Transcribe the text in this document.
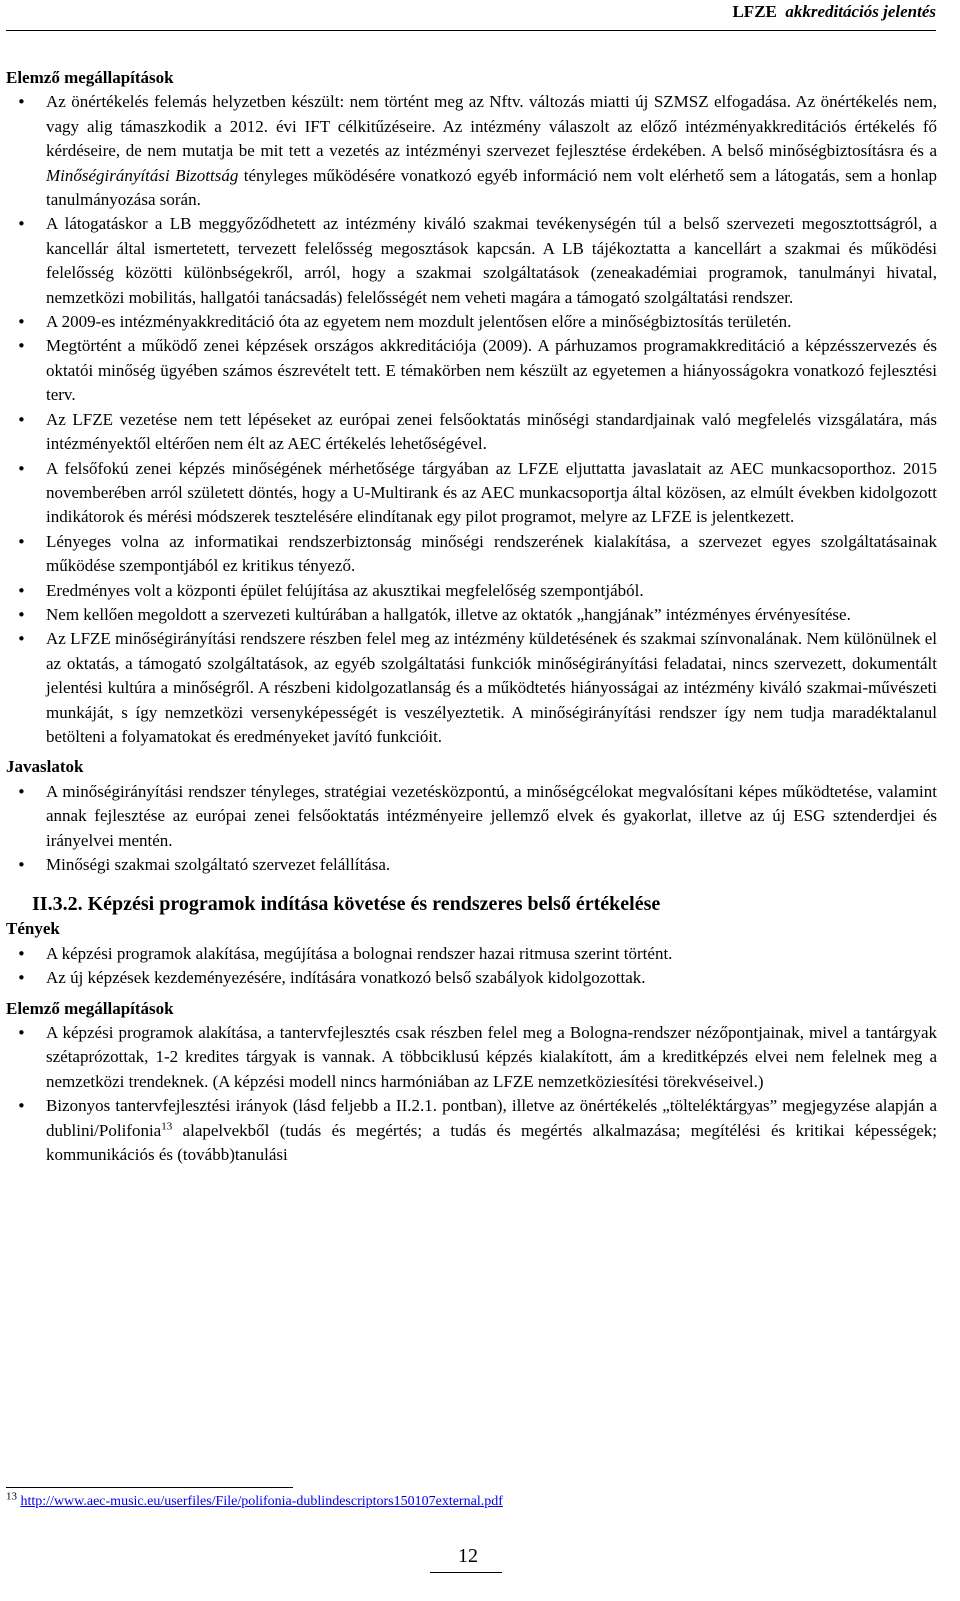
LFZE akkreditációs jelentés

Elemző megállapítások

• Az önértékelés felemás helyzetben készült: nem történt meg az Nftv. változás miatti új SZMSZ elfogadása. Az önértékelés nem, vagy alig támaszkodik a 2012. évi IFT célkitűzéseire. Az intézmény válaszolt az előző intézményakkreditációs értékelés fő kérdéseire, de nem mutatja be mit tett a vezetés az intézményi szervezet fejlesztése érdekében. A belső minőségbiztosításra és a Minőségirányítási Bizottság tényleges működésére vonatkozó egyéb információ nem volt elérhető sem a látogatás, sem a honlap tanulmányozása során.
• A látogatáskor a LB meggyőződhetett az intézmény kiváló szakmai tevékenységén túl a belső szervezeti megosztottságról, a kancellár által ismertetett, tervezett felelősség megosztások kapcsán. A LB tájékoztatta a kancellárt a szakmai és működési felelősség közötti különbségekről, arról, hogy a szakmai szolgáltatások (zeneakadémiai programok, tanulmányi hivatal, nemzetközi mobilitás, hallgatói tanácsadás) felelősségét nem veheti magára a támogató szolgáltatási rendszer.
• A 2009-es intézményakkreditáció óta az egyetem nem mozdult jelentősen előre a minőségbiztosítás területén.
• Megtörtént a működő zenei képzések országos akkreditációja (2009). A párhuzamos programakkreditáció a képzésszervezés és oktatói minőség ügyében számos észrevételt tett. E témakörben nem készült az egyetemen a hiányosságokra vonatkozó fejlesztési terv.
• Az LFZE vezetése nem tett lépéseket az európai zenei felsőoktatás minőségi standardjainak való megfelelés vizsgálatára, más intézményektől eltérően nem élt az AEC értékelés lehetőségével.
• A felsőfokú zenei képzés minőségének mérhetősége tárgyában az LFZE eljuttatta javaslatait az AEC munkacsoporthoz. 2015 novemberében arról született döntés, hogy a U-Multirank és az AEC munkacsoportja által közösen, az elmúlt években kidolgozott indikátorok és mérési módszerek tesztelésére elindítanak egy pilot programot, melyre az LFZE is jelentkezett.
• Lényeges volna az informatikai rendszerbiztonság minőségi rendszerének kialakítása, a szervezet egyes szolgáltatásainak működése szempontjából ez kritikus tényező.
• Eredményes volt a központi épület felújítása az akusztikai megfelelőség szempontjából.
• Nem kellően megoldott a szervezeti kultúrában a hallgatók, illetve az oktatók „hangjának” intézményes érvényesítése.
• Az LFZE minőségirányítási rendszere részben felel meg az intézmény küldetésének és szakmai színvonalának. Nem különülnek el az oktatás, a támogató szolgáltatások, az egyéb szolgáltatási funkciók minőségirányítási feladatai, nincs szervezett, dokumentált jelentési kultúra a minőségről. A részbeni kidolgozatlanság és a működtetés hiányosságai az intézmény kiváló szakmai-művészeti munkáját, s így nemzetközi versenyképességét is veszélyeztetik. A minőségirányítási rendszer így nem tudja maradéktalanul betölteni a folyamatokat és eredményeket javító funkcióit.

Javaslatok

• A minőségirányítási rendszer tényleges, stratégiai vezetésközpontú, a minőségcélokat megvalósítani képes működtetése, valamint annak fejlesztése az európai zenei felsőoktatás intézményeire jellemző elvek és gyakorlat, illetve az új ESG sztenderdjei és irányelvei mentén.
• Minőségi szakmai szolgáltató szervezet felállítása.

II.3.2. Képzési programok indítása követése és rendszeres belső értékelése

Tények

• A képzési programok alakítása, megújítása a bolognai rendszer hazai ritmusa szerint történt.
• Az új képzések kezdeményezésére, indítására vonatkozó belső szabályok kidolgozottak.

Elemző megállapítások

• A képzési programok alakítása, a tantervfejlesztés csak részben felel meg a Bologna-rendszer nézőpontjainak, mivel a tantárgyak szétaprózottak, 1-2 kredites tárgyak is vannak. A többciklusú képzés kialakított, ám a kreditképzés elvei nem felelnek meg a nemzetközi trendeknek. (A képzési modell nincs harmóniában az LFZE nemzetköziesítési törekvéseivel.)
• Bizonyos tantervfejlesztési irányok (lásd feljebb a II.2.1. pontban), illetve az önértékelés „tölteléktárgyas” megjegyzése alapján a dublini/Polifonia$^{13}$ alapelvekből (tudás és megértés; a tudás és megértés alkalmazása; megítélési és kritikai képességek; kommunikációs és (tovább)tanulási
$^{13}$ http://www.aec-music.eu/userfiles/File/polifonia-dublindescriptors150107external.pdf
12
